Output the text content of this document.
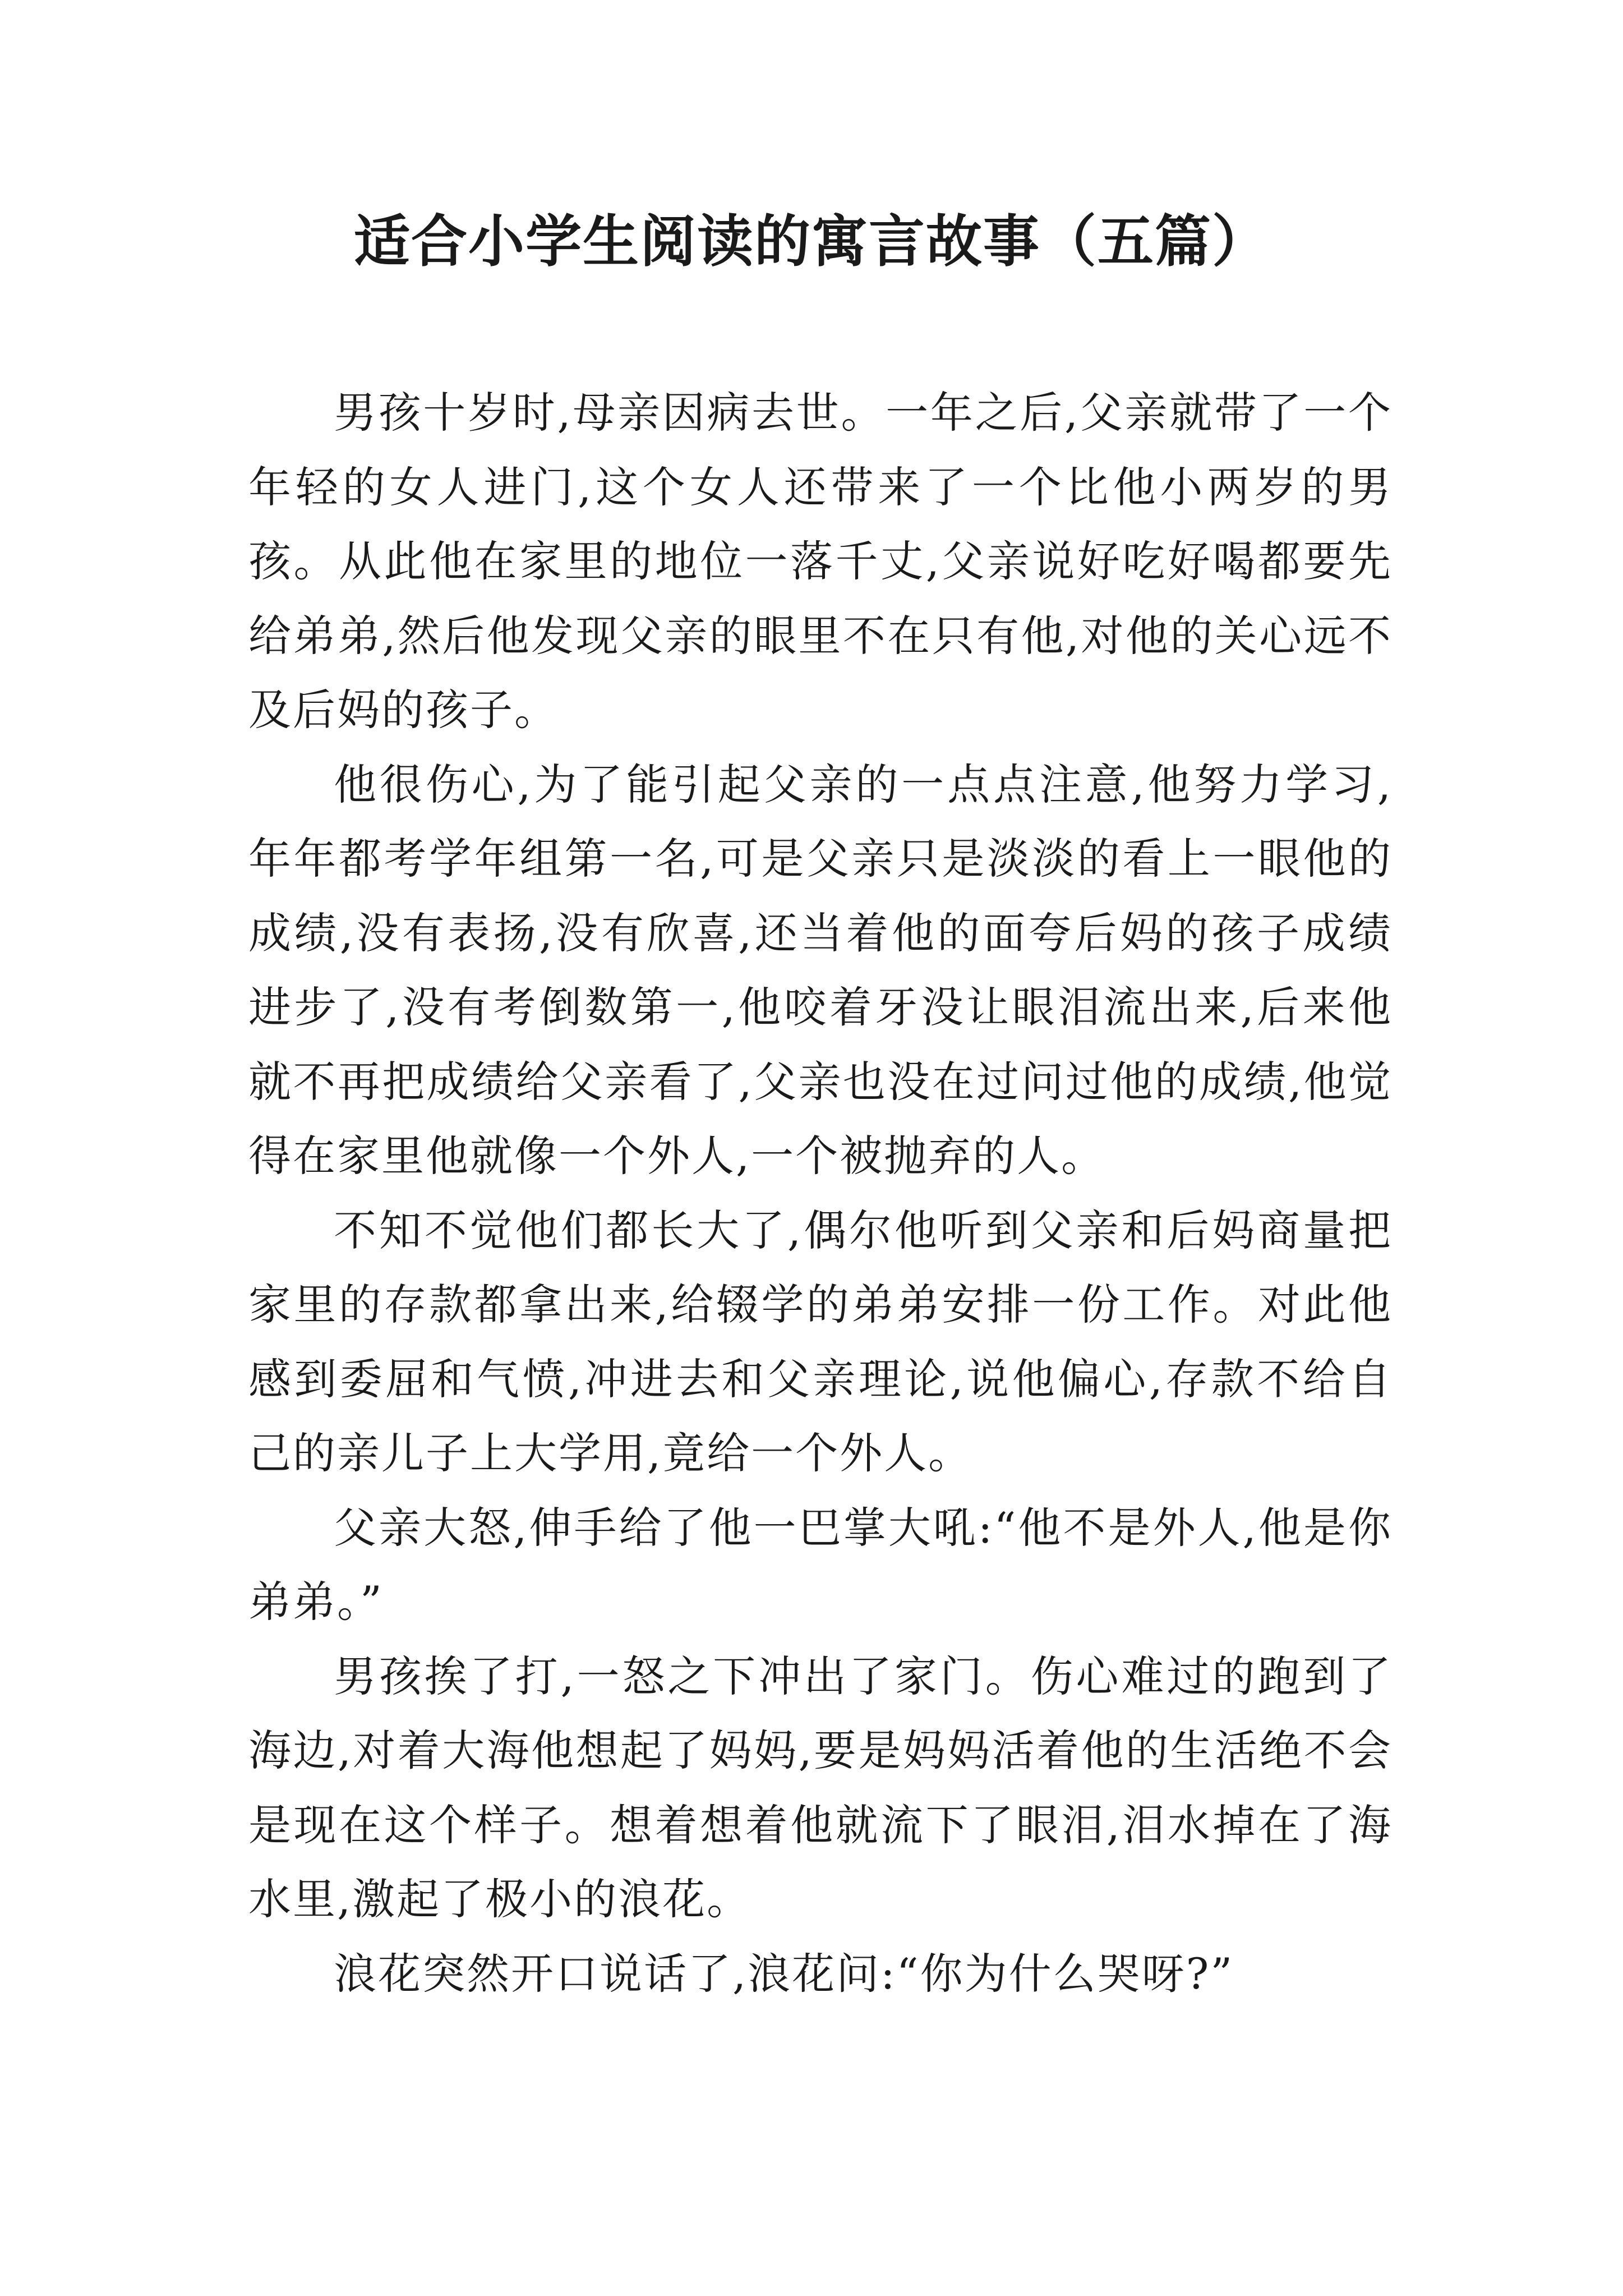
适合小学生阅读的寓言故事（五篇）

男孩十岁时,母亲因病去世。一年之后,父亲就带了一个年轻的女人进门,这个女人还带来了一个比他小两岁的男孩。从此他在家里的地位一落千丈,父亲说好吃好喝都要先给弟弟,然后他发现父亲的眼里不在只有他,对他的关心远不及后妈的孩子。

他很伤心,为了能引起父亲的一点点注意,他努力学习,年年都考学年组第一名,可是父亲只是淡淡的看上一眼他的成绩,没有表扬,没有欣喜,还当着他的面夸后妈的孩子成绩进步了,没有考倒数第一,他咬着牙没让眼泪流出来,后来他就不再把成绩给父亲看了,父亲也没在过问过他的成绩,他觉得在家里他就像一个外人,一个被抛弃的人。

不知不觉他们都长大了,偶尔他听到父亲和后妈商量把家里的存款都拿出来,给辍学的弟弟安排一份工作。对此他感到委屈和气愤,冲进去和父亲理论,说他偏心,存款不给自己的亲儿子上大学用,竟给一个外人。

父亲大怒,伸手给了他一巴掌大吼:“他不是外人,他是你弟弟。”

男孩挨了打,一怒之下冲出了家门。伤心难过的跑到了海边,对着大海他想起了妈妈,要是妈妈活着他的生活绝不会是现在这个样子。想着想着他就流下了眼泪,泪水掉在了海水里,激起了极小的浪花。

浪花突然开口说话了,浪花问:“你为什么哭呀?”
